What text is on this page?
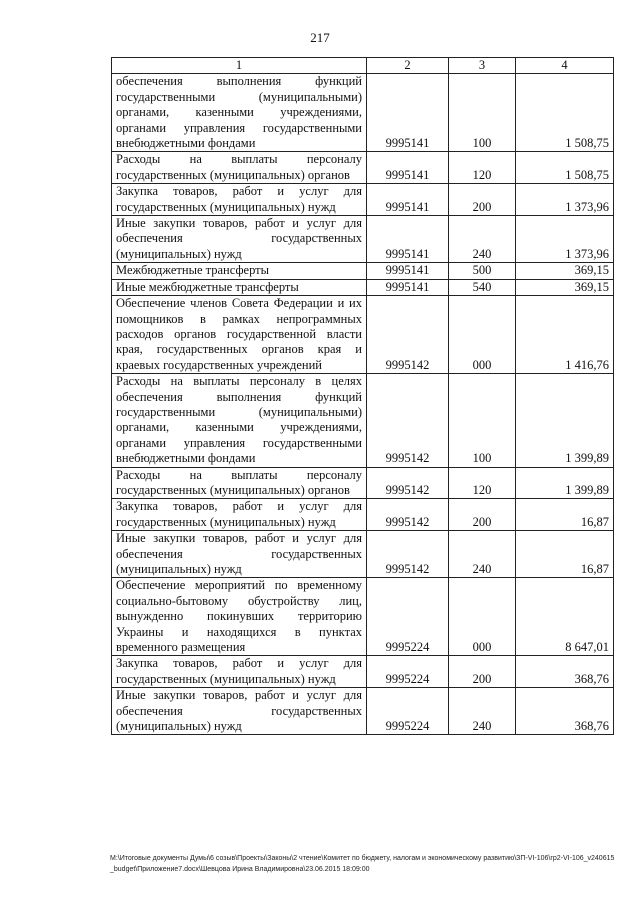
217
1	2	3	4
обеспечения выполнения функций государственными (муниципальными) органами, казенными учреждениями, органами управления государственными внебюджетными фондами	9995141	100	1 508,75
Расходы на выплаты персоналу государственных (муниципальных) органов	9995141	120	1 508,75
Закупка товаров, работ и услуг для государственных (муниципальных) нужд	9995141	200	1 373,96
Иные закупки товаров, работ и услуг для обеспечения государственных (муниципальных) нужд	9995141	240	1 373,96
Межбюджетные трансферты	9995141	500	369,15
Иные межбюджетные трансферты	9995141	540	369,15
Обеспечение членов Совета Федерации и их помощников в рамках непрограммных расходов органов государственной власти края, государственных органов края и краевых государственных учреждений	9995142	000	1 416,76
Расходы на выплаты персоналу в целях обеспечения выполнения функций государственными (муниципальными) органами, казенными учреждениями, органами управления государственными внебюджетными фондами	9995142	100	1 399,89
Расходы на выплаты персоналу государственных (муниципальных) органов	9995142	120	1 399,89
Закупка товаров, работ и услуг для государственных (муниципальных) нужд	9995142	200	16,87
Иные закупки товаров, работ и услуг для обеспечения государственных (муниципальных) нужд	9995142	240	16,87
Обеспечение мероприятий по временному социально-бытовому обустройству лиц, вынужденно покинувших территорию Украины и находящихся в пунктах временного размещения	9995224	000	8 647,01
Закупка товаров, работ и услуг для государственных (муниципальных) нужд	9995224	200	368,76
Иные закупки товаров, работ и услуг для обеспечения государственных (муниципальных) нужд	9995224	240	368,76
M:\Итоговые документы Думы\6 созыв\Проекты\Законы\2 чтение\Комитет по бюджету, налогам и экономическому развитию\ЗП-VI-106\гр2-VI-106_v240615_budget\Приложение7.docx\Шевцова Ирина Владимировна\23.06.2015 18:09:00
